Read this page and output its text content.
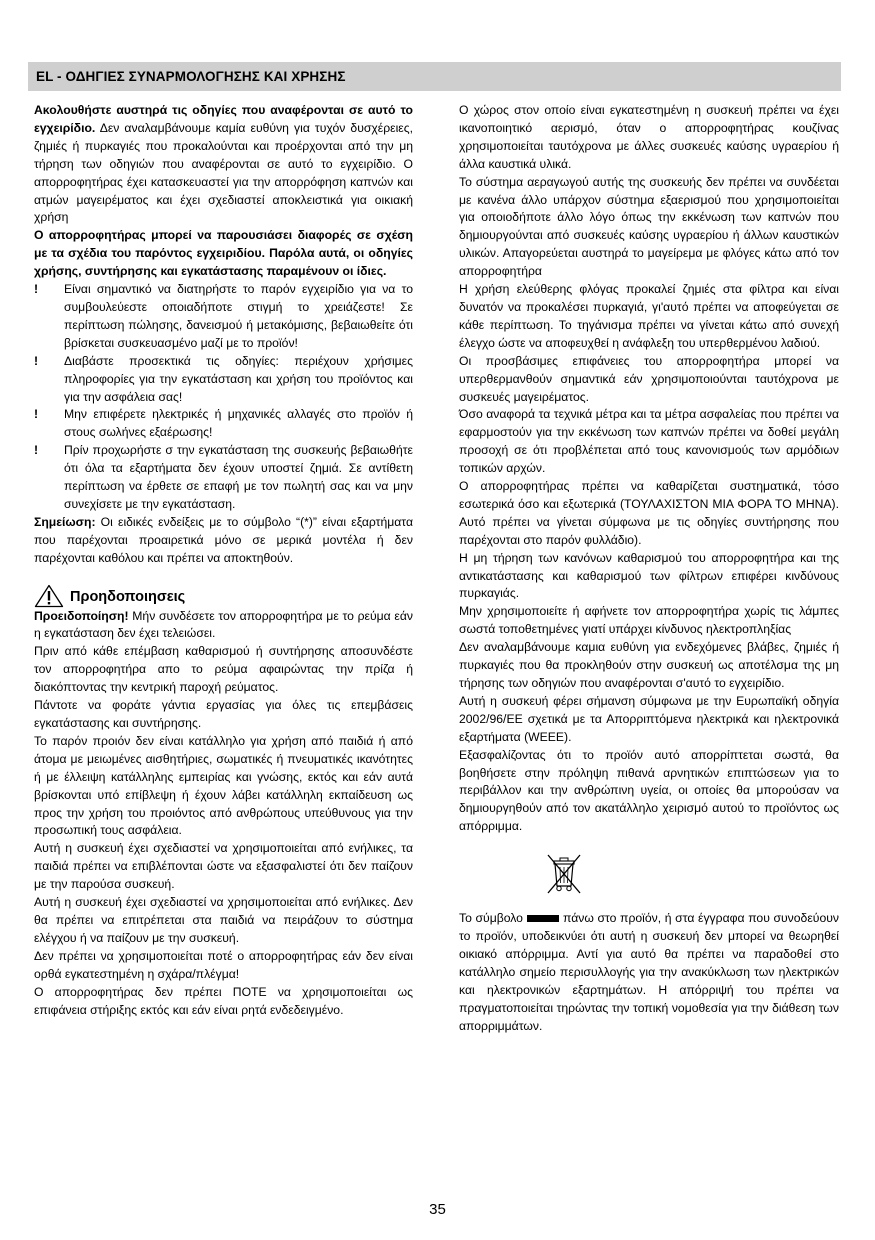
EL - ΟΔΗΓΙΕΣ ΣΥΝΑΡΜΟΛΟΓΗΣΗΣ ΚΑΙ ΧΡΗΣΗΣ

Ακολουθήστε αυστηρά τις οδηγίες που αναφέρονται σε αυτό το εγχειρίδιο. Δεν αναλαμβάνουμε καμία ευθύνη για τυχόν δυσχέρειες, ζημιές ή πυρκαγιές που προκαλούνται και προέρχονται από την μη τήρηση των οδηγιών που αναφέρονται σε αυτό το εγχειρίδιο. Ο απορροφητήρας έχει κατασκευαστεί για την απορρόφηση καπνών και ατμών μαγειρέματος και έχει σχεδιαστεί αποκλειστικά για οικιακή χρήση

Ο απορροφητήρας μπορεί να παρουσιάσει διαφορές σε σχέση με τα σχέδια του παρόντος εγχειριδίου. Παρόλα αυτά, οι οδηγίες χρήσης, συντήρησης και εγκατάστασης παραμένουν οι ίδιες.

! Είναι σημαντικό να διατηρήστε το παρόν εγχειρίδιο για να το συμβουλεύεστε οποιαδήποτε στιγμή το χρειάζεστε! Σε περίπτωση πώλησης, δανεισμού ή μετακόμισης, βεβαιωθείτε ότι βρίσκεται συσκευασμένο μαζί με το προϊόν!
! Διαβάστε προσεκτικά τις οδηγίες: περιέχουν χρήσιμες πληροφορίες για την εγκατάσταση και χρήση του προϊόντος και για την ασφάλεια σας!
! Μην επιφέρετε ηλεκτρικές ή μηχανικές αλλαγές στο προϊόν ή στους σωλήνες εξαέρωσης!
! Πρίν προχωρήστε σ την εγκατάσταση της συσκευής βεβαιωθήτε ότι όλα τα εξαρτήματα δεν έχουν υποστεί ζημιά. Σε αντίθετη περίπτωση να έρθετε σε επαφή με τον πωλητή σας και να μην συνεχίσετε με την εγκατάσταση.

Σημείωση: Οι ειδικές ενδείξεις με το σύμβολο “(*)” είναι εξαρτήματα που παρέχονται προαιρετικά μόνο σε μερικά μοντέλα ή δεν παρέχονται καθόλου και πρέπει να αποκτηθούν.

Προηδοποιησεις

Προειδοποίηση! Μήν συνδέσετε τον απορροφητήρα με το ρεύμα εάν η εγκατάσταση δεν έχει τελειώσει.

Πριν από κάθε επέμβαση καθαρισμού ή συντήρησης αποσυνδέστε τον απορροφητήρα απο το ρεύμα αφαιρώντας την πρίζα ή διακόπτοντας την κεντρική παροχή ρεύματος.

Πάντοτε να φοράτε γάντια εργασίας για όλες τις επεμβάσεις εγκατάστασης και συντήρησης.

Το παρόν προιόν δεν είναι κατάλληλο για χρήση από παιδιά ή από άτομα με μειωμένες αισθητήριες, σωματικές ή πνευματικές ικανότητες ή με έλλειψη κατάλληλης εμπειρίας και γνώσης, εκτός και εάν αυτά βρίσκονται υπό επίβλεψη ή έχουν λάβει κατάλληλη εκπαίδευση ως προς την χρήση του προιόντος από ανθρώπους υπεύθυνους για την προσωπική τους ασφάλεια.

Αυτή η συσκευή έχει σχεδιαστεί να χρησιμοποιείται από ενήλικες, τα παιδιά πρέπει να επιβλέπονται ώστε να εξασφαλιστεί ότι δεν παίζουν με την παρούσα συσκευή.

Αυτή η συσκευή έχει σχεδιαστεί να χρησιμοποιείται από ενήλικες. Δεν θα πρέπει να επιτρέπεται στα παιδιά να πειράζουν το σύστημα ελέγχου ή να παίζουν με την συσκευή.

Δεν πρέπει να χρησιμοποιείται ποτέ ο απορροφητήρας εάν δεν είναι ορθά εγκατεστημένη η σχάρα/πλέγμα!

Ο απορροφητήρας δεν πρέπει ΠΟΤΕ να χρησιμοποιείται ως επιφάνεια στήριξης εκτός και εάν είναι ρητά ενδεδειγμένο.

Ο χώρος στον οποίο είναι εγκατεστημένη η συσκευή πρέπει να έχει ικανοποιητικό αερισμό, όταν ο απορροφητήρας κουζίνας χρησιμοποιείται ταυτόχρονα με άλλες συσκευές καύσης υγραερίου ή άλλα καυστικά υλικά.

Το σύστημα αεραγωγού αυτής της συσκευής δεν πρέπει να συνδέεται με κανένα άλλο υπάρχον σύστημα εξαερισμού που χρησιμοποιείται για οποιοδήποτε άλλο λόγο όπως την εκκένωση των καπνών που δημιουργούνται από συσκευές καύσης υγραερίου ή άλλων καυστικών υλικών. Απαγορεύεται αυστηρά το μαγείρεμα με φλόγες κάτω από τον απορροφητήρα

Η χρήση ελεύθερης φλόγας προκαλεί ζημιές στα φίλτρα και είναι δυνατόν να προκαλέσει πυρκαγιά, γι'αυτό πρέπει να αποφεύγεται σε κάθε περίπτωση. Το τηγάνισμα πρέπει να γίνεται κάτω από συνεχή έλεγχο ώστε να αποφευχθεί η ανάφλεξη του υπερθερμένου λαδιού.

Οι προσβάσιμες επιφάνειες του απορροφητήρα μπορεί να υπερθερμανθούν σημαντικά εάν χρησιμοποιούνται ταυτόχρονα με συσκευές μαγειρέματος.

Όσο αναφορά τα τεχνικά μέτρα και τα μέτρα ασφαλείας που πρέπει να εφαρμοστούν για την εκκένωση των καπνών πρέπει να δοθεί μεγάλη προσοχή σε ότι προβλέπεται από τους κανονισμούς των αρμόδιων τοπικών αρχών.

Ο απορροφητήρας πρέπει να καθαρίζεται συστηματικά, τόσο εσωτερικά όσο και εξωτερικά (ΤΟΥΛΑΧΙΣΤΟΝ ΜΙΑ ΦΟΡΑ ΤΟ ΜΗΝΑ). Αυτό πρέπει να γίνεται σύμφωνα με τις οδηγίες συντήρησης που παρέχονται στο παρόν φυλλάδιο).

Η μη τήρηση των κανόνων καθαρισμού του απορροφητήρα και της αντικατάστασης και καθαρισμού των φίλτρων επιφέρει κινδύνους πυρκαγιάς.

Μην χρησιμοποιείτε ή αφήνετε τον απορροφητήρα χωρίς τις λάμπες σωστά τοποθετημένες γιατί υπάρχει κίνδυνος ηλεκτροπληξίας

Δεν αναλαμβάνουμε καμια ευθύνη για ενδεχόμενες βλάβες, ζημιές ή πυρκαγιές που θα προκληθούν στην συσκευή ως αποτέλσμα της μη τήρησης των οδηγιών που αναφέρονται σ'αυτό το εγχειρίδιο.

Αυτή η συσκευή φέρει σήμανση σύμφωνα με την Ευρωπαϊκή οδηγία 2002/96/ΕΕ σχετικά με τα Απορριπτόμενα ηλεκτρικά και ηλεκτρονικά εξαρτήματα (WEEE).

Εξασφαλίζοντας ότι το προϊόν αυτό απορρίπτεται σωστά, θα βοηθήσετε στην πρόληψη πιθανά αρνητικών επιπτώσεων για το περιβάλλον και την ανθρώπινη υγεία, οι οποίες θα μπορούσαν να δημιουργηθούν από τον ακατάλληλο χειρισμό αυτού το προϊόντος ως απόρριμμα.

Το σύμβολο	πάνω στο προϊόν, ή στα έγγραφα που συνοδεύουν το προϊόν, υποδεικνύει ότι αυτή η συσκευή δεν μπορεί να θεωρηθεί οικιακό απόρριμμα. Αντί για αυτό θα πρέπει να παραδοθεί στο κατάλληλο σημείο περισυλλογής για την ανακύκλωση των ηλεκτρικών και ηλεκτρονικών εξαρτημάτων. Η απόρριψή του πρέπει να πραγματοποιείται τηρώντας την τοπική νομοθεσία για την διάθεση των απορριμμάτων.

35
